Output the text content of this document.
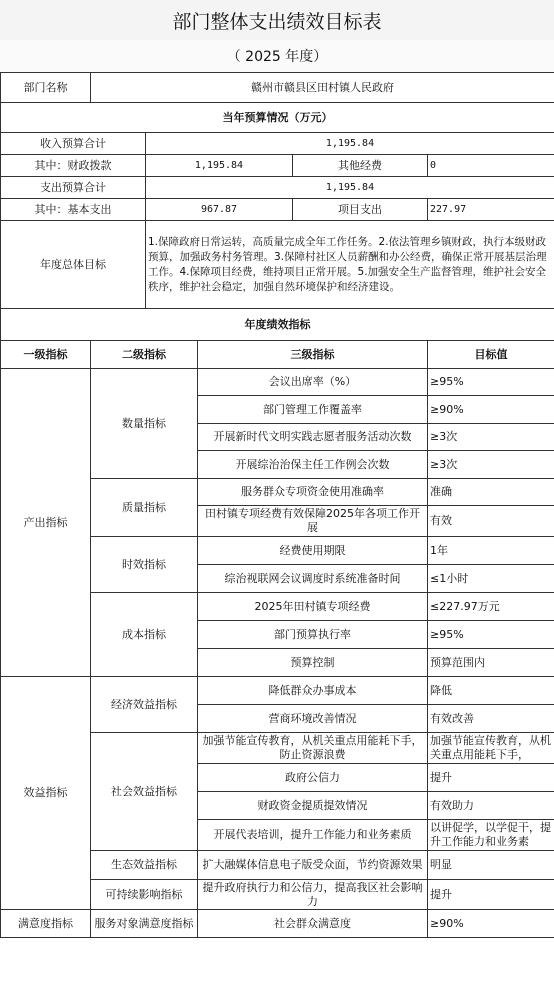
部门整体支出绩效目标表
（ 2025 年度）
部门名称	赣州市赣县区田村镇人民政府				
当年预算情况（万元）					
收入预算合计		1,195.84			
其中：财政拨款		1,195.84		其他经费	0
支出预算合计		1,195.84			
其中：基本支出		967.87		项目支出	227.97
年度总体目标		1.保障政府日常运转，高质量完成全年工作任务。2.依法管理乡镇财政，执行本级财政预算，加强政务村务管理。3.保障村社区人员薪酬和办公经费，确保正常开展基层治理工作。4.保障项目经费，维持项目正常开展。5.加强安全生产监督管理，维护社会安全秩序，维护社会稳定，加强自然环境保护和经济建设。			
年度绩效指标					
一级指标	二级指标		三级指标		目标值
产出指标	数量指标		会议出席率（%）		≥95%
			部门管理工作覆盖率		≥90%
			开展新时代文明实践志愿者服务活动次数		≥3次
			开展综治治保主任工作例会次数		≥3次
	质量指标		服务群众专项资金使用准确率		准确
			田村镇专项经费有效保障2025年各项工作开展		有效
	时效指标		经费使用期限		1年
			综治视联网会议调度时系统准备时间		≤1小时
	成本指标		2025年田村镇专项经费		≤227.97万元
			部门预算执行率		≥95%
			预算控制		预算范围内
效益指标	经济效益指标		降低群众办事成本		降低
			营商环境改善情况		有效改善
	社会效益指标		加强节能宣传教育，从机关重点用能耗下手，防止资源浪费		加强节能宣传教育，从机关重点用能耗下手，
			政府公信力		提升
			财政资金提质提效情况		有效助力
			开展代表培训，提升工作能力和业务素质		以讲促学，以学促干，提升工作能力和业务素
	生态效益指标		扩大融媒体信息电子版受众面，节约资源效果		明显
	可持续影响指标		提升政府执行力和公信力，提高我区社会影响力		提升
满意度指标	服务对象满意度指标		社会群众满意度		≥90%
